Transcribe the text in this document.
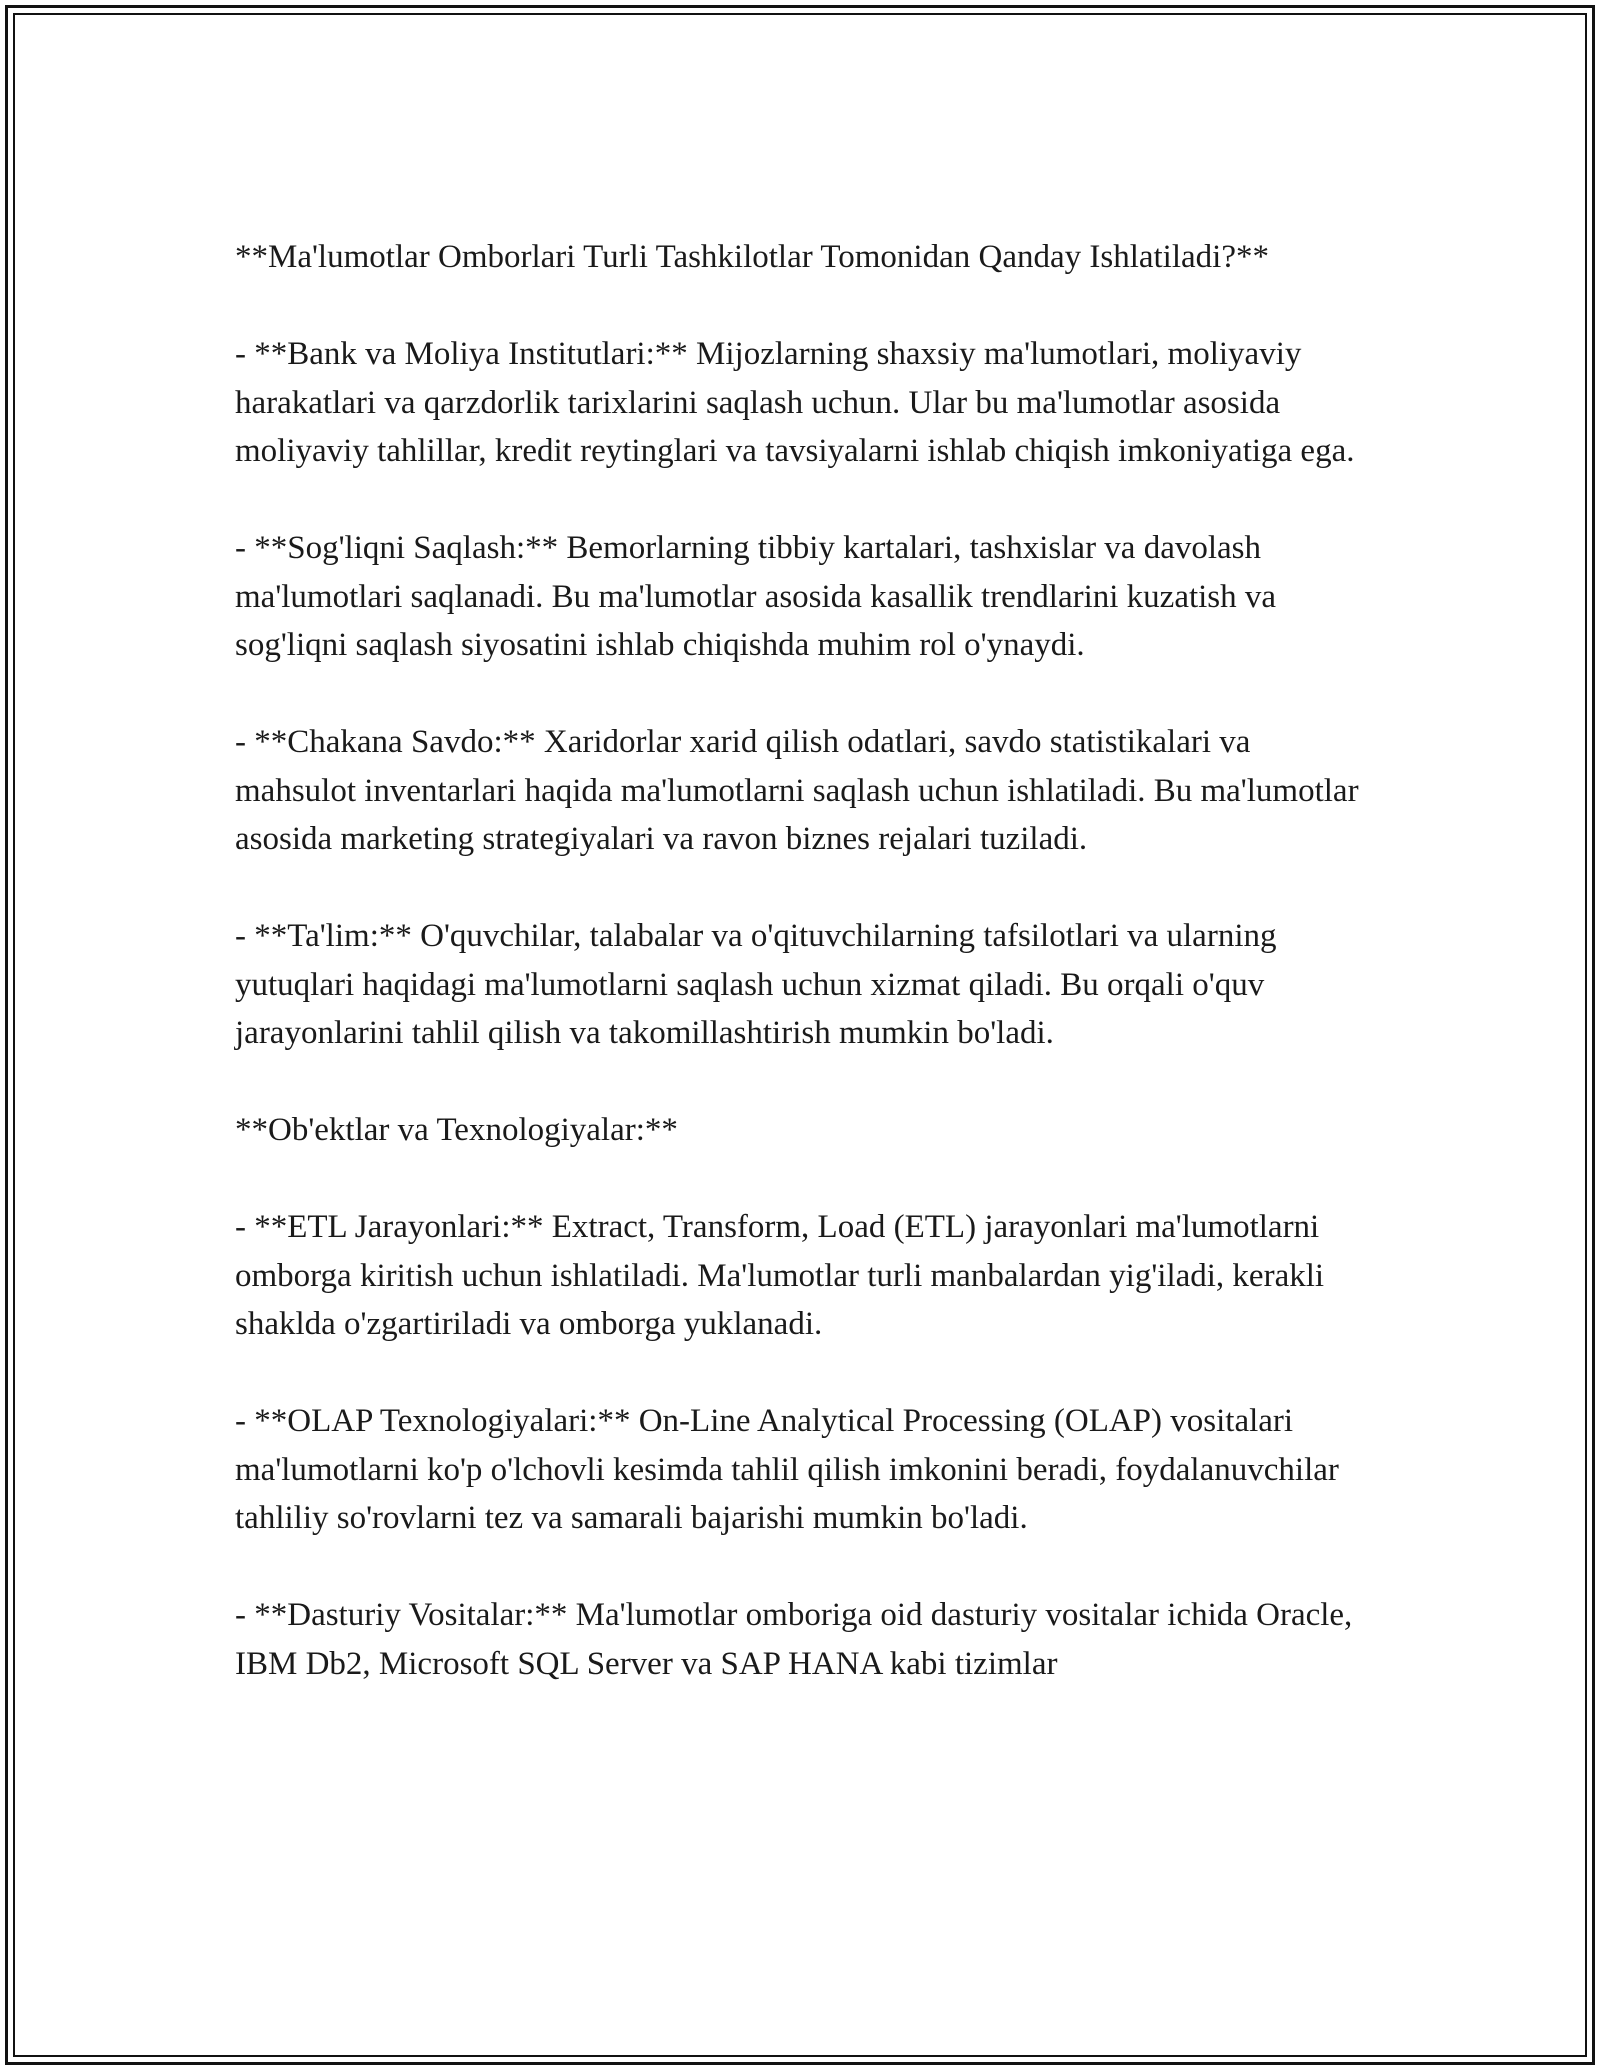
**Ma'lumotlar Omborlari Turli Tashkilotlar Tomonidan Qanday Ishlatiladi?**

- **Bank va Moliya Institutlari:** Mijozlarning shaxsiy ma'lumotlari, moliyaviy harakatlari va qarzdorlik tarixlarini saqlash uchun. Ular bu ma'lumotlar asosida moliyaviy tahlillar, kredit reytinglari va tavsiyalarni ishlab chiqish imkoniyatiga ega.

- **Sog'liqni Saqlash:** Bemorlarning tibbiy kartalari, tashxislar va davolash ma'lumotlari saqlanadi. Bu ma'lumotlar asosida kasallik trendlarini kuzatish va sog'liqni saqlash siyosatini ishlab chiqishda muhim rol o'ynaydi.

- **Chakana Savdo:** Xaridorlar xarid qilish odatlari, savdo statistikalari va mahsulot inventarlari haqida ma'lumotlarni saqlash uchun ishlatiladi. Bu ma'lumotlar asosida marketing strategiyalari va ravon biznes rejalari tuziladi.

- **Ta'lim:** O'quvchilar, talabalar va o'qituvchilarning tafsilotlari va ularning yutuqlari haqidagi ma'lumotlarni saqlash uchun xizmat qiladi. Bu orqali o'quv jarayonlarini tahlil qilish va takomillashtirish mumkin bo'ladi.

**Ob'ektlar va Texnologiyalar:**

- **ETL Jarayonlari:** Extract, Transform, Load (ETL) jarayonlari ma'lumotlarni omborga kiritish uchun ishlatiladi. Ma'lumotlar turli manbalardan yig'iladi, kerakli shaklda o'zgartiriladi va omborga yuklanadi.

- **OLAP Texnologiyalari:** On-Line Analytical Processing (OLAP) vositalari ma'lumotlarni ko'p o'lchovli kesimda tahlil qilish imkonini beradi, foydalanuvchilar tahliliy so'rovlarni tez va samarali bajarishi mumkin bo'ladi.

- **Dasturiy Vositalar:** Ma'lumotlar omboriga oid dasturiy vositalar ichida Oracle, IBM Db2, Microsoft SQL Server va SAP HANA kabi tizimlar
